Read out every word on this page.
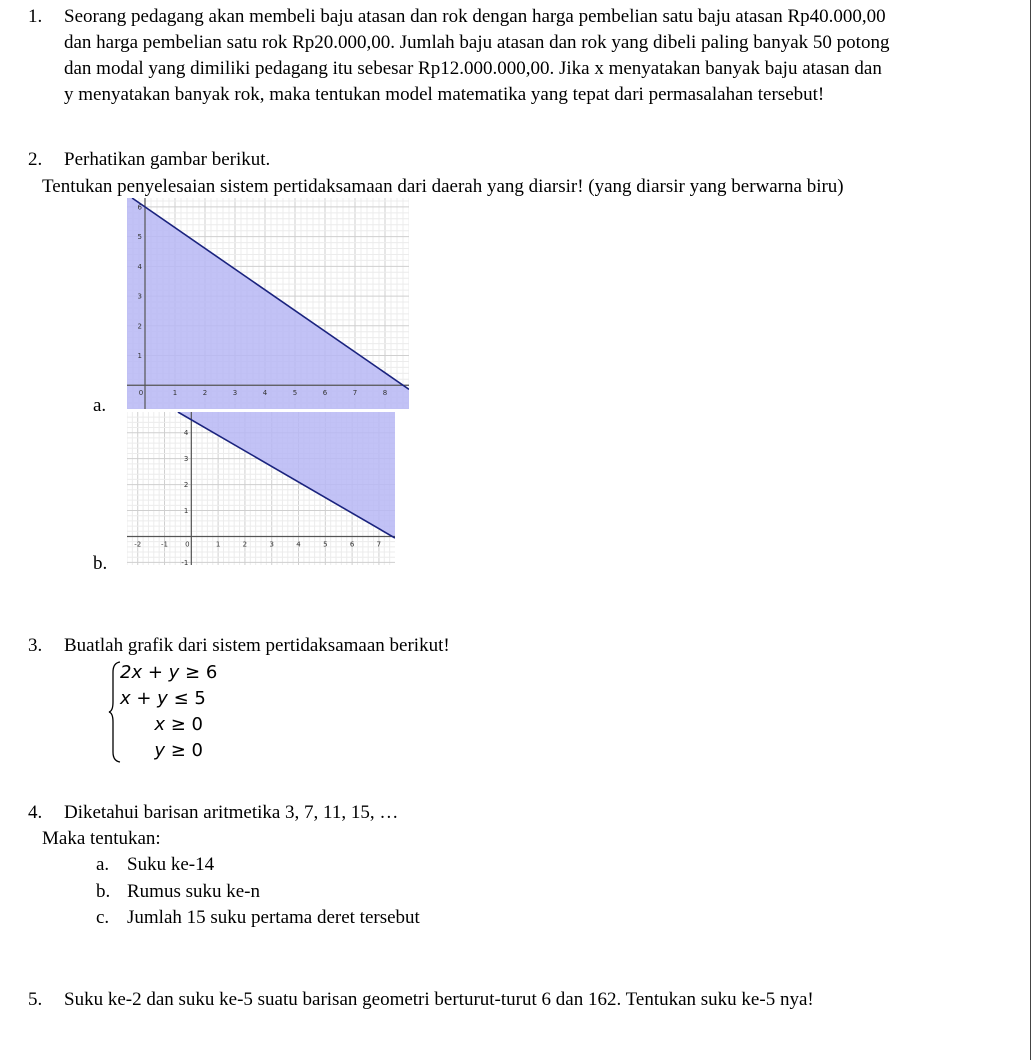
1.	Seorang pedagang akan membeli baju atasan dan rok dengan harga pembelian satu baju atasan Rp40.000,00
dan harga pembelian satu rok Rp20.000,00. Jumlah baju atasan dan rok yang dibeli paling banyak 50 potong
dan modal yang dimiliki pedagang itu sebesar Rp12.000.000,00. Jika x menyatakan banyak baju atasan dan
y menyatakan banyak rok, maka tentukan model matematika yang tepat dari permasalahan tersebut!
2.	Perhatikan gambar berikut.
Tentukan penyelesaian sistem pertidaksamaan dari daerah yang diarsir! (yang diarsir yang berwarna biru)
a.
b.
0	1	2	3	4	5	6	7	8
1
2
3
4
5
6
-2	-1 0	1	2	3	4	5	6	7
-1
1
2
3
4
3.	Buatlah grafik dari sistem pertidaksamaan berikut!
2x + y ≥ 6
x + y ≤ 5
x ≥ 0
y ≥ 0
4.	Diketahui barisan aritmetika 3, 7, 11, 15, …
Maka tentukan:
a. Suku ke-14
b. Rumus suku ke-n
c. Jumlah 15 suku pertama deret tersebut
5.	Suku ke-2 dan suku ke-5 suatu barisan geometri berturut-turut 6 dan 162. Tentukan suku ke-5 nya!
